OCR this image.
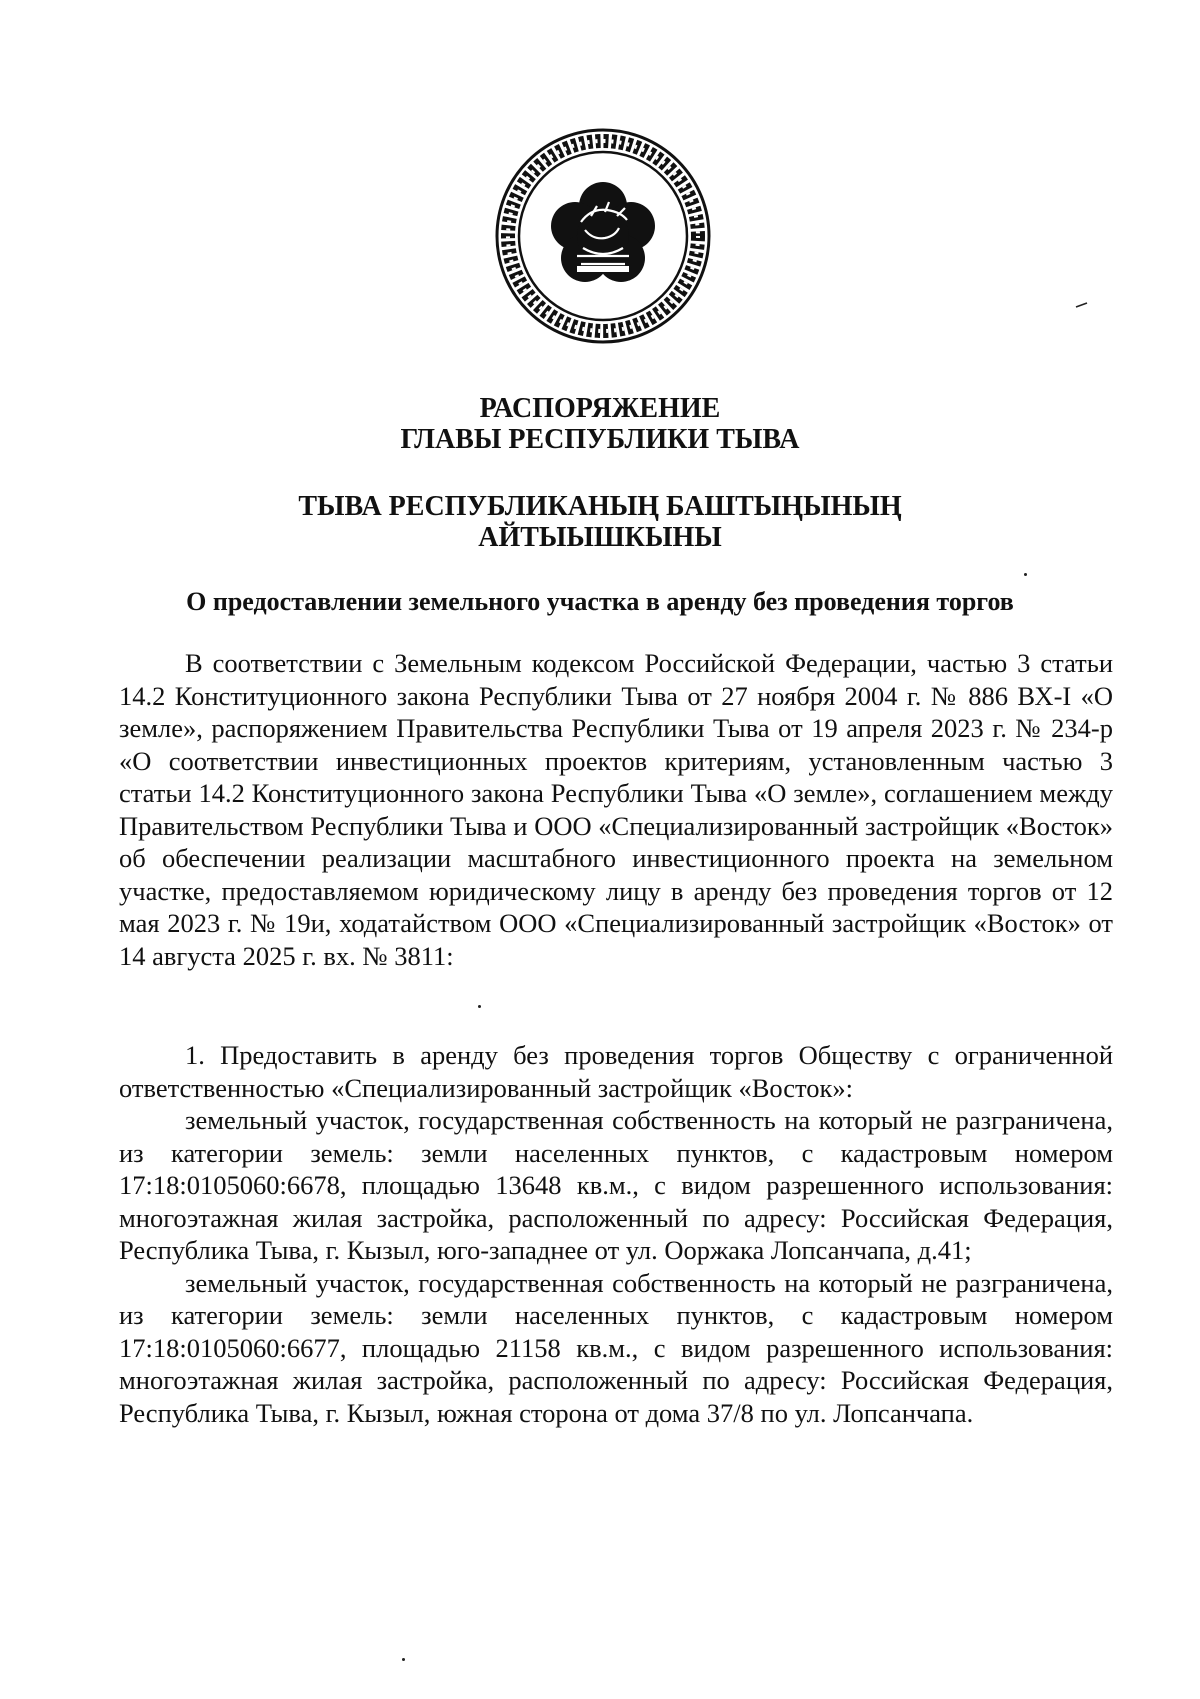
РАСПОРЯЖЕНИЕ
ГЛАВЫ РЕСПУБЛИКИ ТЫВА
ТЫВА РЕСПУБЛИКАНЫҢ БАШТЫҢЫНЫҢ
АЙТЫЫШКЫНЫ
О предоставлении земельного участка в аренду без проведения торгов

В соответствии с Земельным кодексом Российской Федерации, частью 3 статьи 14.2 Конституционного закона Республики Тыва от 27 ноября 2004 г. № 886 ВХ-I «О земле», распоряжением Правительства Республики Тыва от 19 апреля 2023 г. № 234-р «О соответствии инвестиционных проектов критериям, установленным частью 3 статьи 14.2 Конституционного закона Республики Тыва «О земле», соглашением между Правительством Республики Тыва и ООО «Специализированный застройщик «Восток» об обеспечении реализации масштабного инвестиционного проекта на земельном участке, предоставляемом юридическому лицу в аренду без проведения торгов от 12 мая 2023 г. № 19и, ходатайством ООО «Специализированный застройщик «Восток» от 14 августа 2025 г. вх. № 3811:

1. Предоставить в аренду без проведения торгов Обществу с ограниченной ответственностью «Специализированный застройщик «Восток»:

земельный участок, государственная собственность на который не разграничена, из категории земель: земли населенных пунктов, с кадастровым номером 17:18:0105060:6678, площадью 13648 кв.м., с видом разрешенного использования: многоэтажная жилая застройка, расположенный по адресу: Российская Федерация, Республика Тыва, г. Кызыл, юго-западнее от ул. Ооржака Лопсанчапа, д.41;

земельный участок, государственная собственность на который не разграничена, из категории земель: земли населенных пунктов, с кадастровым номером 17:18:0105060:6677, площадью 21158 кв.м., с видом разрешенного использования: многоэтажная жилая застройка, расположенный по адресу: Российская Федерация, Республика Тыва, г. Кызыл, южная сторона от дома 37/8 по ул. Лопсанчапа.
